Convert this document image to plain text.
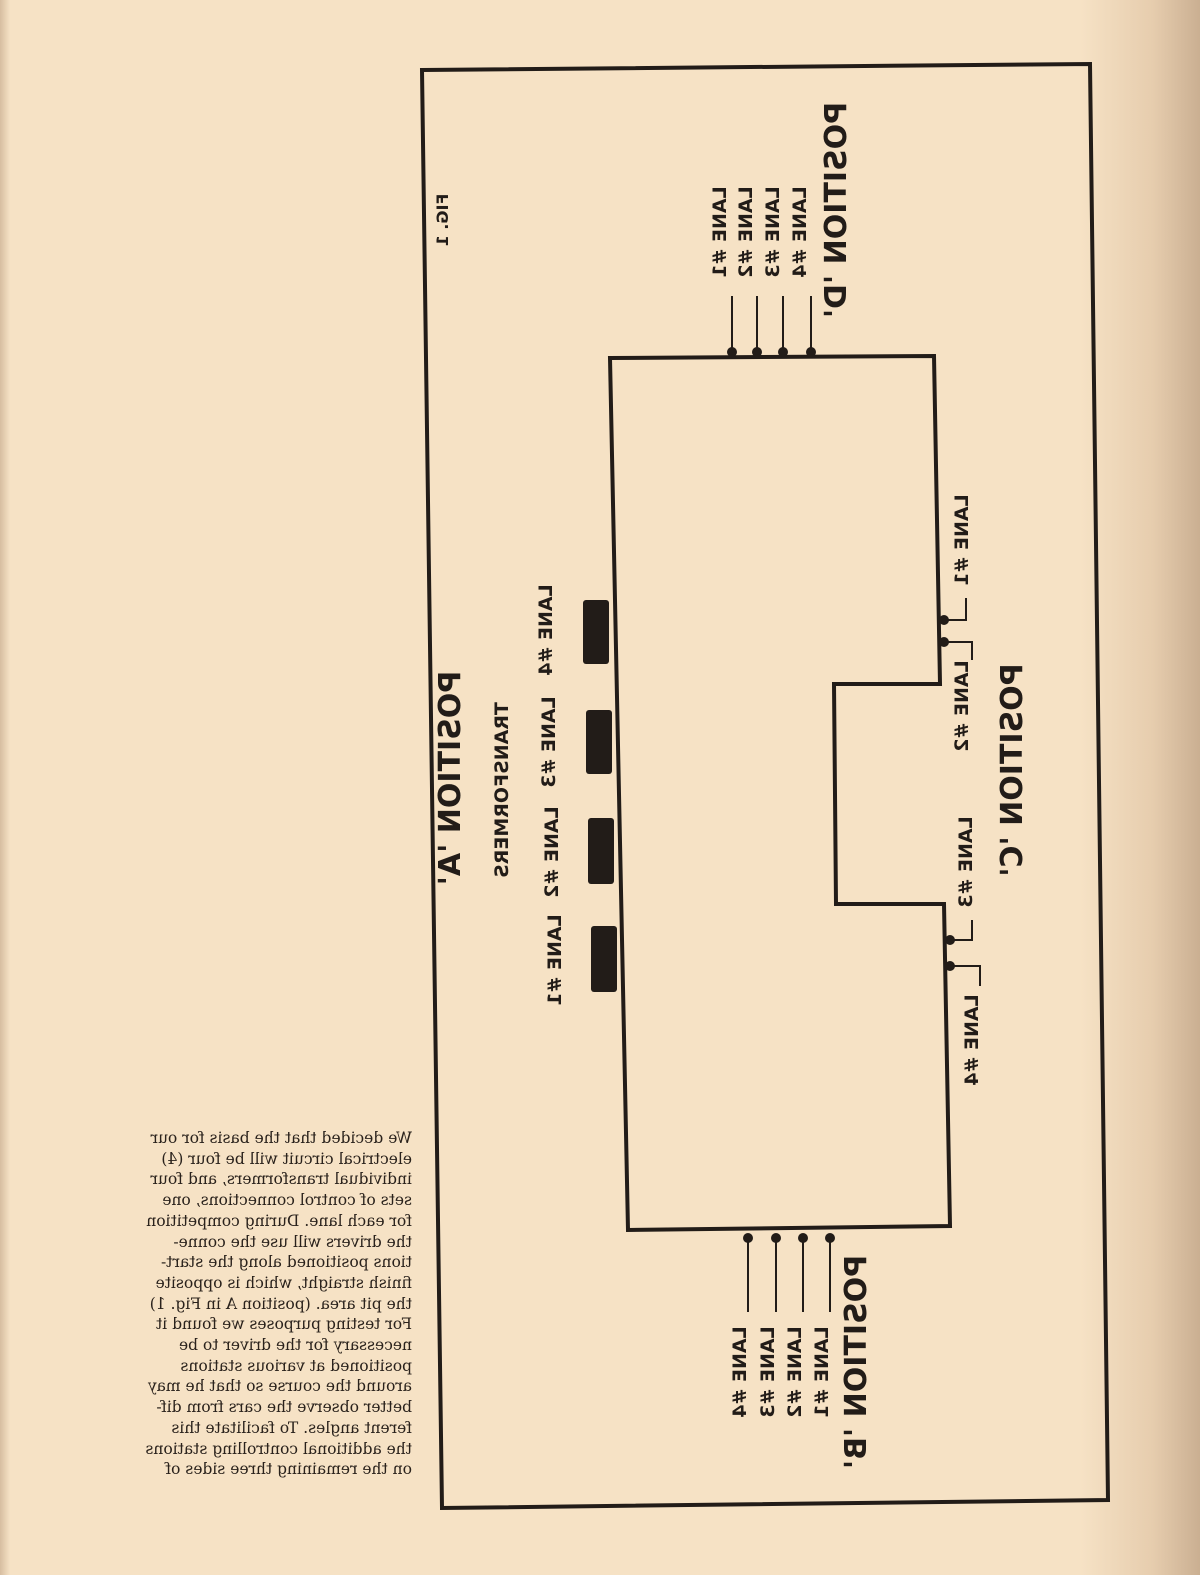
We decided that the basis for our
electrical circuit will be four (4)
individual transformers, and four
sets of control connections, one
for each lane. During competition
the drivers will use the conne-
tions positioned along the start-
finish straight, which is opposite
the pit area. (position A in Fig. 1)
For testing purposes we found it
necessary for the driver to be
positioned at various stations
around the course so that he may
better observe the cars from dif-
ferent angles. To facilitate this
the additional controlling stations
on the remaining three sides of
FIG. 1	POSITION 'D'
POSITION 'A'	POSITION 'C'
POSITION 'B'
TRANSFORMERS
LANE #4
LANE #3
LANE #2
LANE #1
LANE #1 LANE #2 LANE #3 LANE #4
LANE #1
LANE #2
LANE #3
LANE #4
LANE #1
LANE #2
LANE #3
LANE #4
